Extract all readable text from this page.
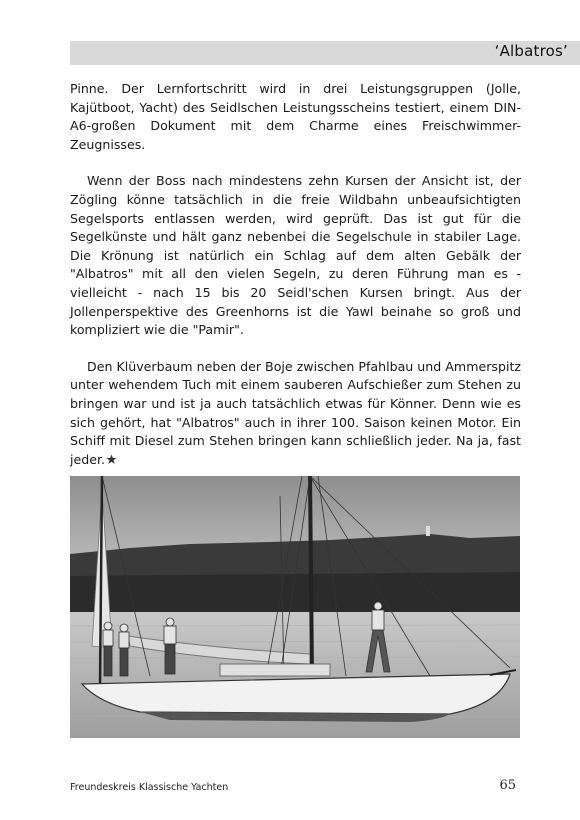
‘Albatros’

Pinne. Der Lernfortschritt wird in drei Leistungsgruppen (Jolle, Kajütboot, Yacht) des Seidlschen Leistungsscheins testiert, einem DIN-A6-großen Dokument mit dem Charme eines Freischwimmer-Zeugnisses.

Wenn der Boss nach mindestens zehn Kursen der Ansicht ist, der Zögling könne tatsächlich in die freie Wildbahn unbeaufsichtigten Segelsports entlassen werden, wird geprüft. Das ist gut für die Segelkünste und hält ganz nebenbei die Segelschule in stabiler Lage. Die Krönung ist natürlich ein Schlag auf dem alten Gebälk der "Albatros" mit all den vielen Segeln, zu deren Führung man es - vielleicht - nach 15 bis 20 Seidl'schen Kursen bringt. Aus der Jollenperspektive des Greenhorns ist die Yawl beinahe so groß und kompliziert wie die "Pamir".

Den Klüverbaum neben der Boje zwischen Pfahlbau und Ammerspitz unter wehendem Tuch mit einem sauberen Aufschießer zum Stehen zu bringen war und ist ja auch tatsächlich etwas für Könner. Denn wie es sich gehört, hat "Albatros" auch in ihrer 100. Saison keinen Motor. Ein Schiff mit Diesel zum Stehen bringen kann schließlich jeder. Na ja, fast jeder.

Freundeskreis Klassische Yachten	65
